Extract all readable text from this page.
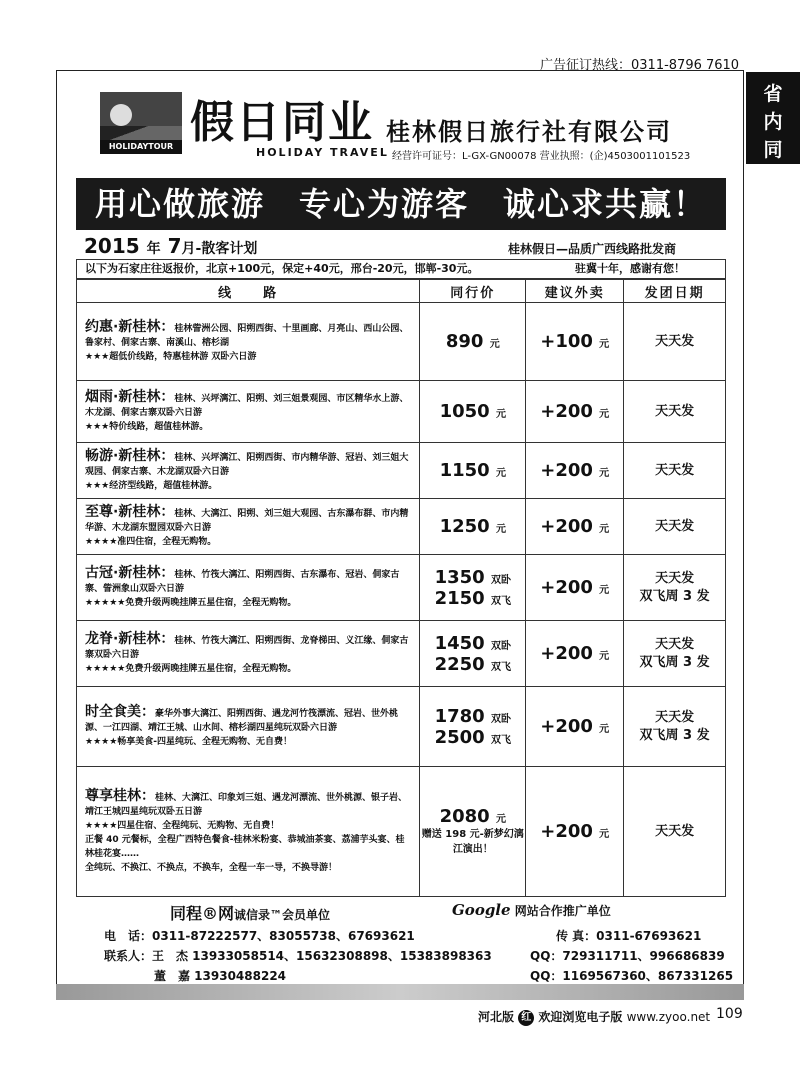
广告征订热线：0311-8796 7610
省
内
同
业
HOLIDAYTOUR 假日同业 桂林假日旅行社有限公司
HOLIDAY TRAVEL 经营许可证号：L-GX-GN00078 营业执照：(企)4503001101523
用心做旅游　专心为游客　诚心求共赢！
2015 年 7月-散客计划	桂林假日—品质广西线路批发商
以下为石家庄往返报价，北京+100元，保定+40元，邢台-20元，邯郸-30元。	驻冀十年，感谢有您！
线　　路	同行价	建议外卖	发团日期
约惠·新桂林：桂林訾洲公园、阳朔西街、十里画廊、月亮山、西山公园、鲁家村、侗家古寨、南溪山、榕杉湖
★★★超低价线路，特惠桂林游 双卧六日游	890 元	+100 元	天天发
烟雨·新桂林：桂林、兴坪漓江、阳朔、刘三姐景观园、市区精华水上游、木龙湖、侗家古寨双卧六日游
★★★特价线路，超值桂林游。	1050 元	+200 元	天天发
畅游·新桂林：桂林、兴坪漓江、阳朔西街、市内精华游、冠岩、刘三姐大观园、侗家古寨、木龙湖双卧六日游
★★★经济型线路，超值桂林游。	1150 元	+200 元	天天发
至尊·新桂林：桂林、大漓江、阳朔、刘三姐大观园、古东瀑布群、市内精华游、木龙湖东盟园双卧六日游
★★★★准四住宿，全程无购物。	1250 元	+200 元	天天发
古冠·新桂林：桂林、竹筏大漓江、阳朔西街、古东瀑布、冠岩、侗家古寨、訾洲象山双卧六日游
★★★★★免费升级两晚挂牌五星住宿，全程无购物。	1350 双卧
2150 双飞	+200 元	天天发
双飞周 3 发
龙脊·新桂林：桂林、竹筏大漓江、阳朔西街、龙脊梯田、义江缘、侗家古寨双卧六日游
★★★★★免费升级两晚挂牌五星住宿，全程无购物。	1450 双卧
2250 双飞	+200 元	天天发
双飞周 3 发
时全食美：豪华外事大漓江、阳朔西街、遇龙河竹筏漂流、冠岩、世外桃源、一江四湖、靖江王城、山水间、榕杉湖四星纯玩双卧六日游
★★★★畅享美食-四星纯玩、全程无购物、无自费！	1780 双卧
2500 双飞	+200 元	天天发
双飞周 3 发
尊享桂林：桂林、大漓江、印象刘三姐、遇龙河漂流、世外桃源、银子岩、靖江王城四星纯玩双卧五日游
★★★★四星住宿、全程纯玩、无购物、无自费！
正餐 40 元餐标，全程广西特色餐食-桂林米粉宴、恭城油茶宴、荔浦芋头宴、桂林桂花宴……
全纯玩、不换江、不换点，不换车，全程一车一导，不换导游！	2080 元
赠送 198 元-新梦幻漓江演出！	+200 元	天天发
同程®网诚信录™会员单位	Google 网站合作推广单位
电　话：0311-87222577、83055738、67693621	传 真：0311-67693621
联系人：王　杰 13933058514、15632308898、15383898363	QQ：729311711、996686839
董　嘉 13930488224	QQ：1169567360、867331265
河北版 红 欢迎浏览电子版 www.zyoo.net 109
